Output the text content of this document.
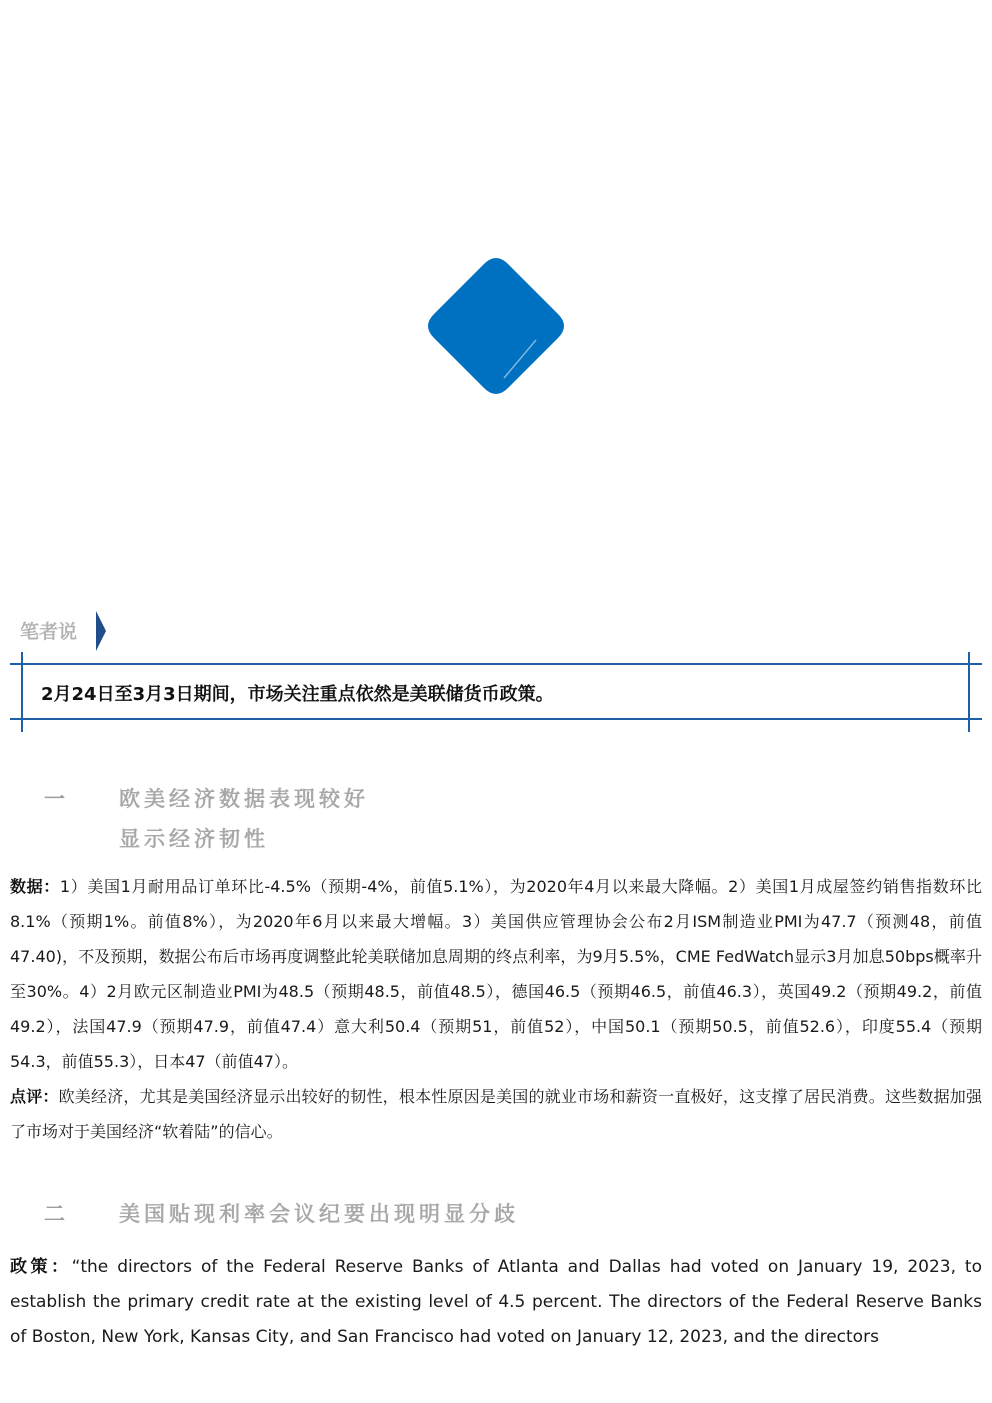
笔者说
2月24日至3月3日期间，市场关注重点依然是美联储货币政策。
一	欧美经济数据表现较好
显示经济韧性
数据：1）美国1月耐用品订单环比-4.5%（预期-4%，前值5.1%），为2020年4月以来最大降幅。2）美国1月成屋签约销售指数环比8.1%（预期1%。前值8%），为2020年6月以来最大增幅。3）美国供应管理协会公布2月ISM制造业PMI为47.7（预测48，前值47.40)，不及预期，数据公布后市场再度调整此轮美联储加息周期的终点利率，为9月5.5%，CME FedWatch显示3月加息50bps概率升至30%。4）2月欧元区制造业PMI为48.5（预期48.5，前值48.5），德国46.5（预期46.5，前值46.3），英国49.2（预期49.2，前值49.2），法国47.9（预期47.9，前值47.4）意大利50.4（预期51，前值52），中国50.1（预期50.5，前值52.6），印度55.4（预期54.3，前值55.3），日本47（前值47）。
点评：欧美经济，尤其是美国经济显示出较好的韧性，根本性原因是美国的就业市场和薪资一直极好，这支撑了居民消费。这些数据加强了市场对于美国经济“软着陆”的信心。
二	美国贴现利率会议纪要出现明显分歧
政策：“the directors of the Federal Reserve Banks of Atlanta and Dallas had voted on January 19, 2023, to establish the primary credit rate at the existing level of 4.5 percent. The directors of the Federal Reserve Banks of Boston, New York, Kansas City, and San Francisco had voted on January 12, 2023, and the directors
